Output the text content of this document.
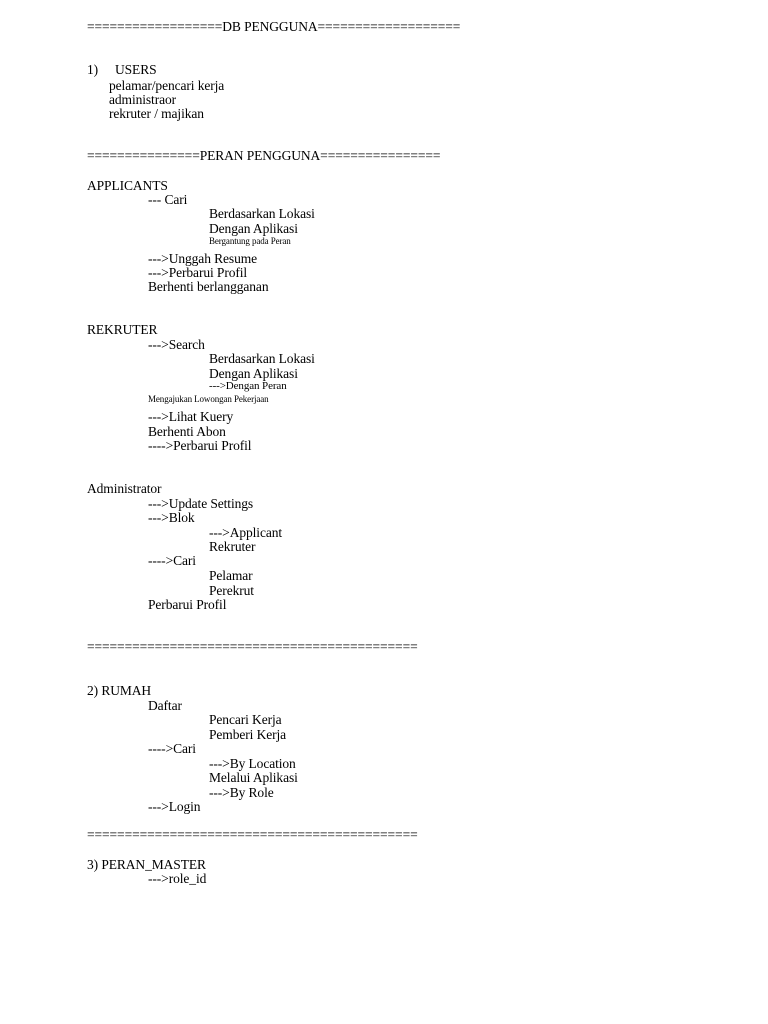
==================DB PENGGUNA===================
1) USERS
pelamar/pencari kerja
administraor
rekruter / majikan
===============PERAN PENGGUNA================
APPLICANTS
--- Cari
Berdasarkan Lokasi
Dengan Aplikasi
Bergantung pada Peran
--->Unggah Resume
--->Perbarui Profil
Berhenti berlangganan
REKRUTER
--->Search
Berdasarkan Lokasi
Dengan Aplikasi
--->Dengan Peran
Mengajukan Lowongan Pekerjaan
--->Lihat Kuery
Berhenti Abon
---->Perbarui Profil
Administrator
--->Update Settings
--->Blok
--->Applicant
Rekruter
---->Cari
Pelamar
Perekrut
Perbarui Profil
============================================
2) RUMAH
Daftar
Pencari Kerja
Pemberi Kerja
---->Cari
--->By Location
Melalui Aplikasi
--->By Role
--->Login
============================================
3) PERAN_MASTER
--->role_id
